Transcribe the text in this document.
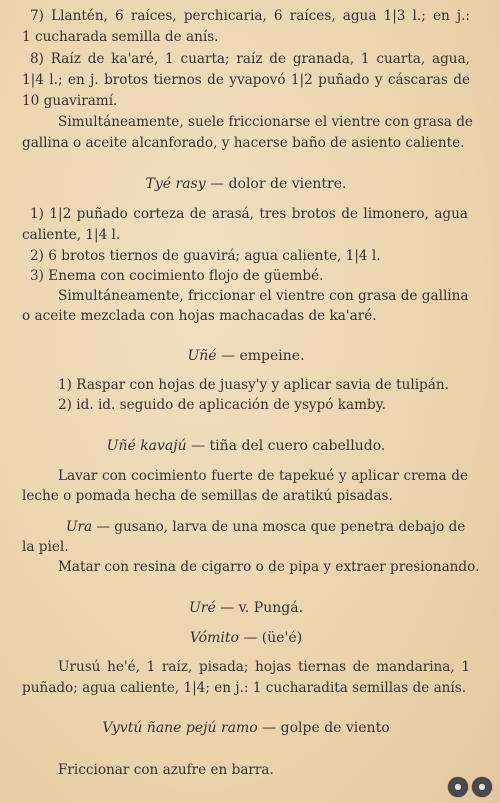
7) Llantén, 6 raíces, perchicaria, 6 raíces, agua 1|3 l.; en j.:
1 cucharada semilla de anís.
8) Raíz de ka'aré, 1 cuarta; raíz de granada, 1 cuarta, agua,
1|4 l.; en j. brotos tiernos de yvapovó 1|2 puñado y cáscaras de
10 guaviramí.
Simultáneamente, suele friccionarse el vientre con grasa de
gallina o aceite alcanforado, y hacerse baño de asiento caliente.
Tyé rasy — dolor de vientre.
1) 1|2 puñado corteza de arasá, tres brotos de limonero, agua
caliente, 1|4 l.
2) 6 brotos tiernos de guavirá; agua caliente, 1|4 l.
3) Enema con cocimiento flojo de güembé.
Simultáneamente, friccionar el vientre con grasa de gallina
o aceite mezclada con hojas machacadas de ka'aré.
Uñé — empeine.
1) Raspar con hojas de juasy'y y aplicar savia de tulipán.
2) id. id. seguido de aplicación de ysypó kamby.
Uñé kavajú — tiña del cuero cabelludo.
Lavar con cocimiento fuerte de tapekué y aplicar crema de
leche o pomada hecha de semillas de aratikú pisadas.
Ura — gusano, larva de una mosca que penetra debajo de
la piel.
Matar con resina de cigarro o de pipa y extraer presionando.
Uré — v. Pungá.
Vómito — (üe'é)
Urusú he'é, 1 raíz, pisada; hojas tiernas de mandarina, 1
puñado; agua caliente, 1|4; en j.: 1 cucharadita semillas de anís.
Vyvtú ñane pejú ramo — golpe de viento
Friccionar con azufre en barra.
●	●
